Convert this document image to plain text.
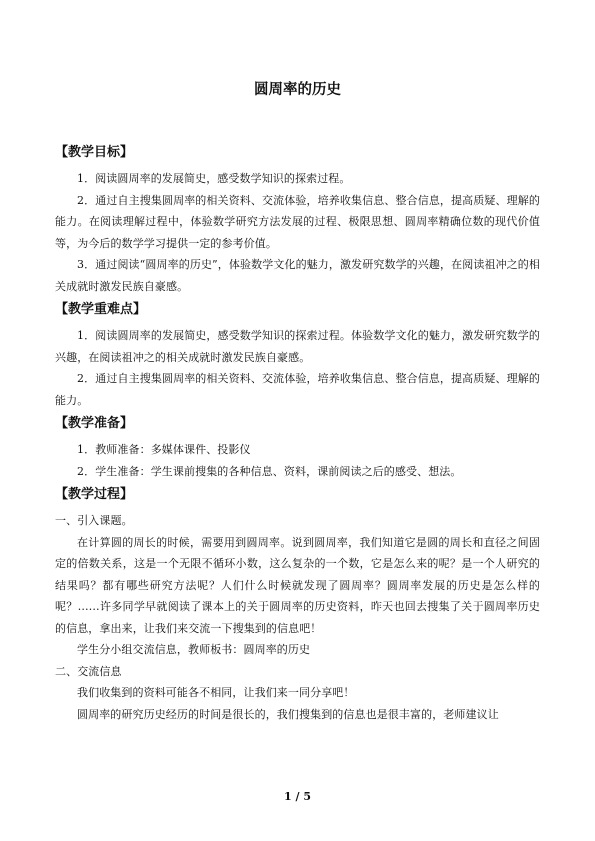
圆周率的历史
【教学目标】

1．阅读圆周率的发展简史，感受数学知识的探索过程。

2．通过自主搜集圆周率的相关资料、交流体验，培养收集信息、整合信息，提高质疑、理解的能力。在阅读理解过程中，体验数学研究方法发展的过程、极限思想、圆周率精确位数的现代价值等，为今后的数学学习提供一定的参考价值。

3．通过阅读“圆周率的历史”，体验数学文化的魅力，激发研究数学的兴趣，在阅读祖冲之的相关成就时激发民族自豪感。

【教学重难点】

1．阅读圆周率的发展简史，感受数学知识的探索过程。体验数学文化的魅力，激发研究数学的兴趣，在阅读祖冲之的相关成就时激发民族自豪感。

2．通过自主搜集圆周率的相关资料、交流体验，培养收集信息、整合信息，提高质疑、理解的能力。

【教学准备】

1．教师准备：多媒体课件、投影仪

2．学生准备：学生课前搜集的各种信息、资料，课前阅读之后的感受、想法。

【教学过程】

一、引入课题。

在计算圆的周长的时候，需要用到圆周率。说到圆周率，我们知道它是圆的周长和直径之间固定的倍数关系，这是一个无限不循环小数，这么复杂的一个数，它是怎么来的呢？是一个人研究的结果吗？都有哪些研究方法呢？人们什么时候就发现了圆周率？圆周率发展的历史是怎么样的呢？……许多同学早就阅读了课本上的关于圆周率的历史资料，昨天也回去搜集了关于圆周率历史的信息，拿出来，让我们来交流一下搜集到的信息吧！

学生分小组交流信息，教师板书：圆周率的历史

二、交流信息

我们收集到的资料可能各不相同，让我们来一同分享吧！

圆周率的研究历史经历的时间是很长的，我们搜集到的信息也是很丰富的，老师建议让

1 / 5
